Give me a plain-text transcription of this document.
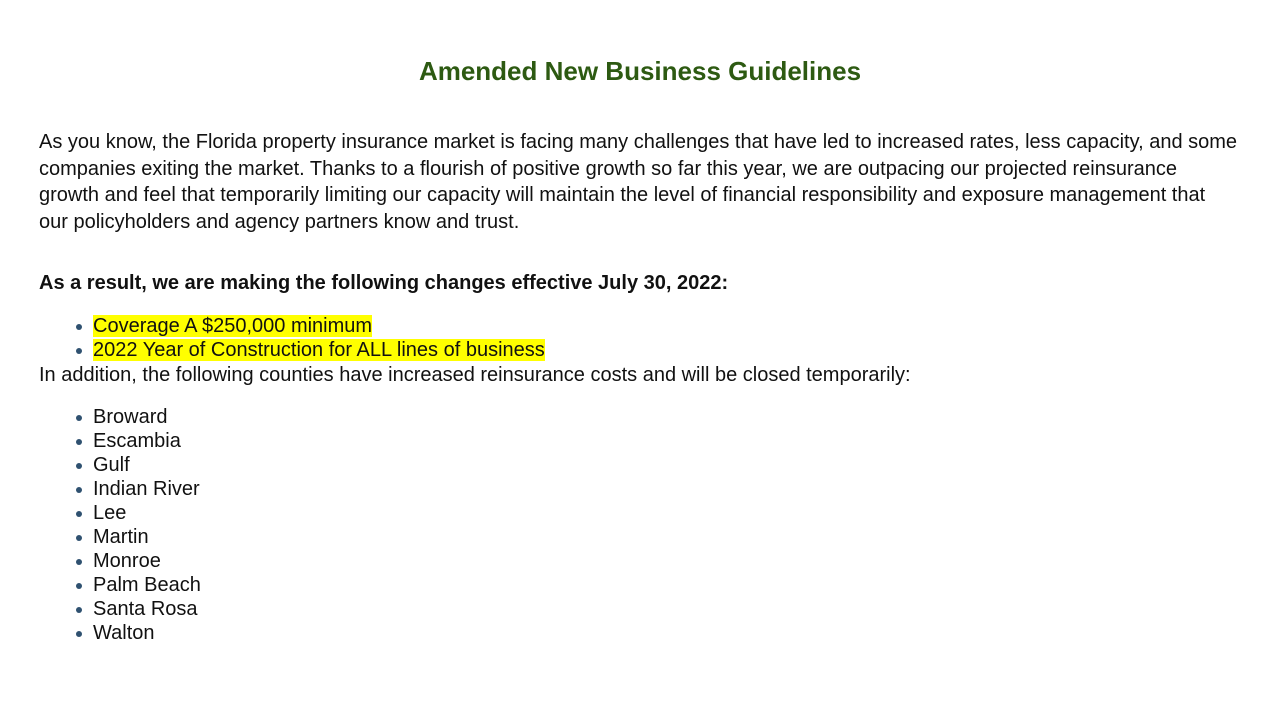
Amended New Business Guidelines

As you know, the Florida property insurance market is facing many challenges that have led to increased rates, less capacity, and some companies exiting the market. Thanks to a flourish of positive growth so far this year, we are outpacing our projected reinsurance growth and feel that temporarily limiting our capacity will maintain the level of financial responsibility and exposure management that our policyholders and agency partners know and trust.

As a result, we are making the following changes effective July 30, 2022:

Coverage A $250,000 minimum
2022 Year of Construction for ALL lines of business

In addition, the following counties have increased reinsurance costs and will be closed temporarily:

Broward
Escambia
Gulf
Indian River
Lee
Martin
Monroe
Palm Beach
Santa Rosa
Walton
